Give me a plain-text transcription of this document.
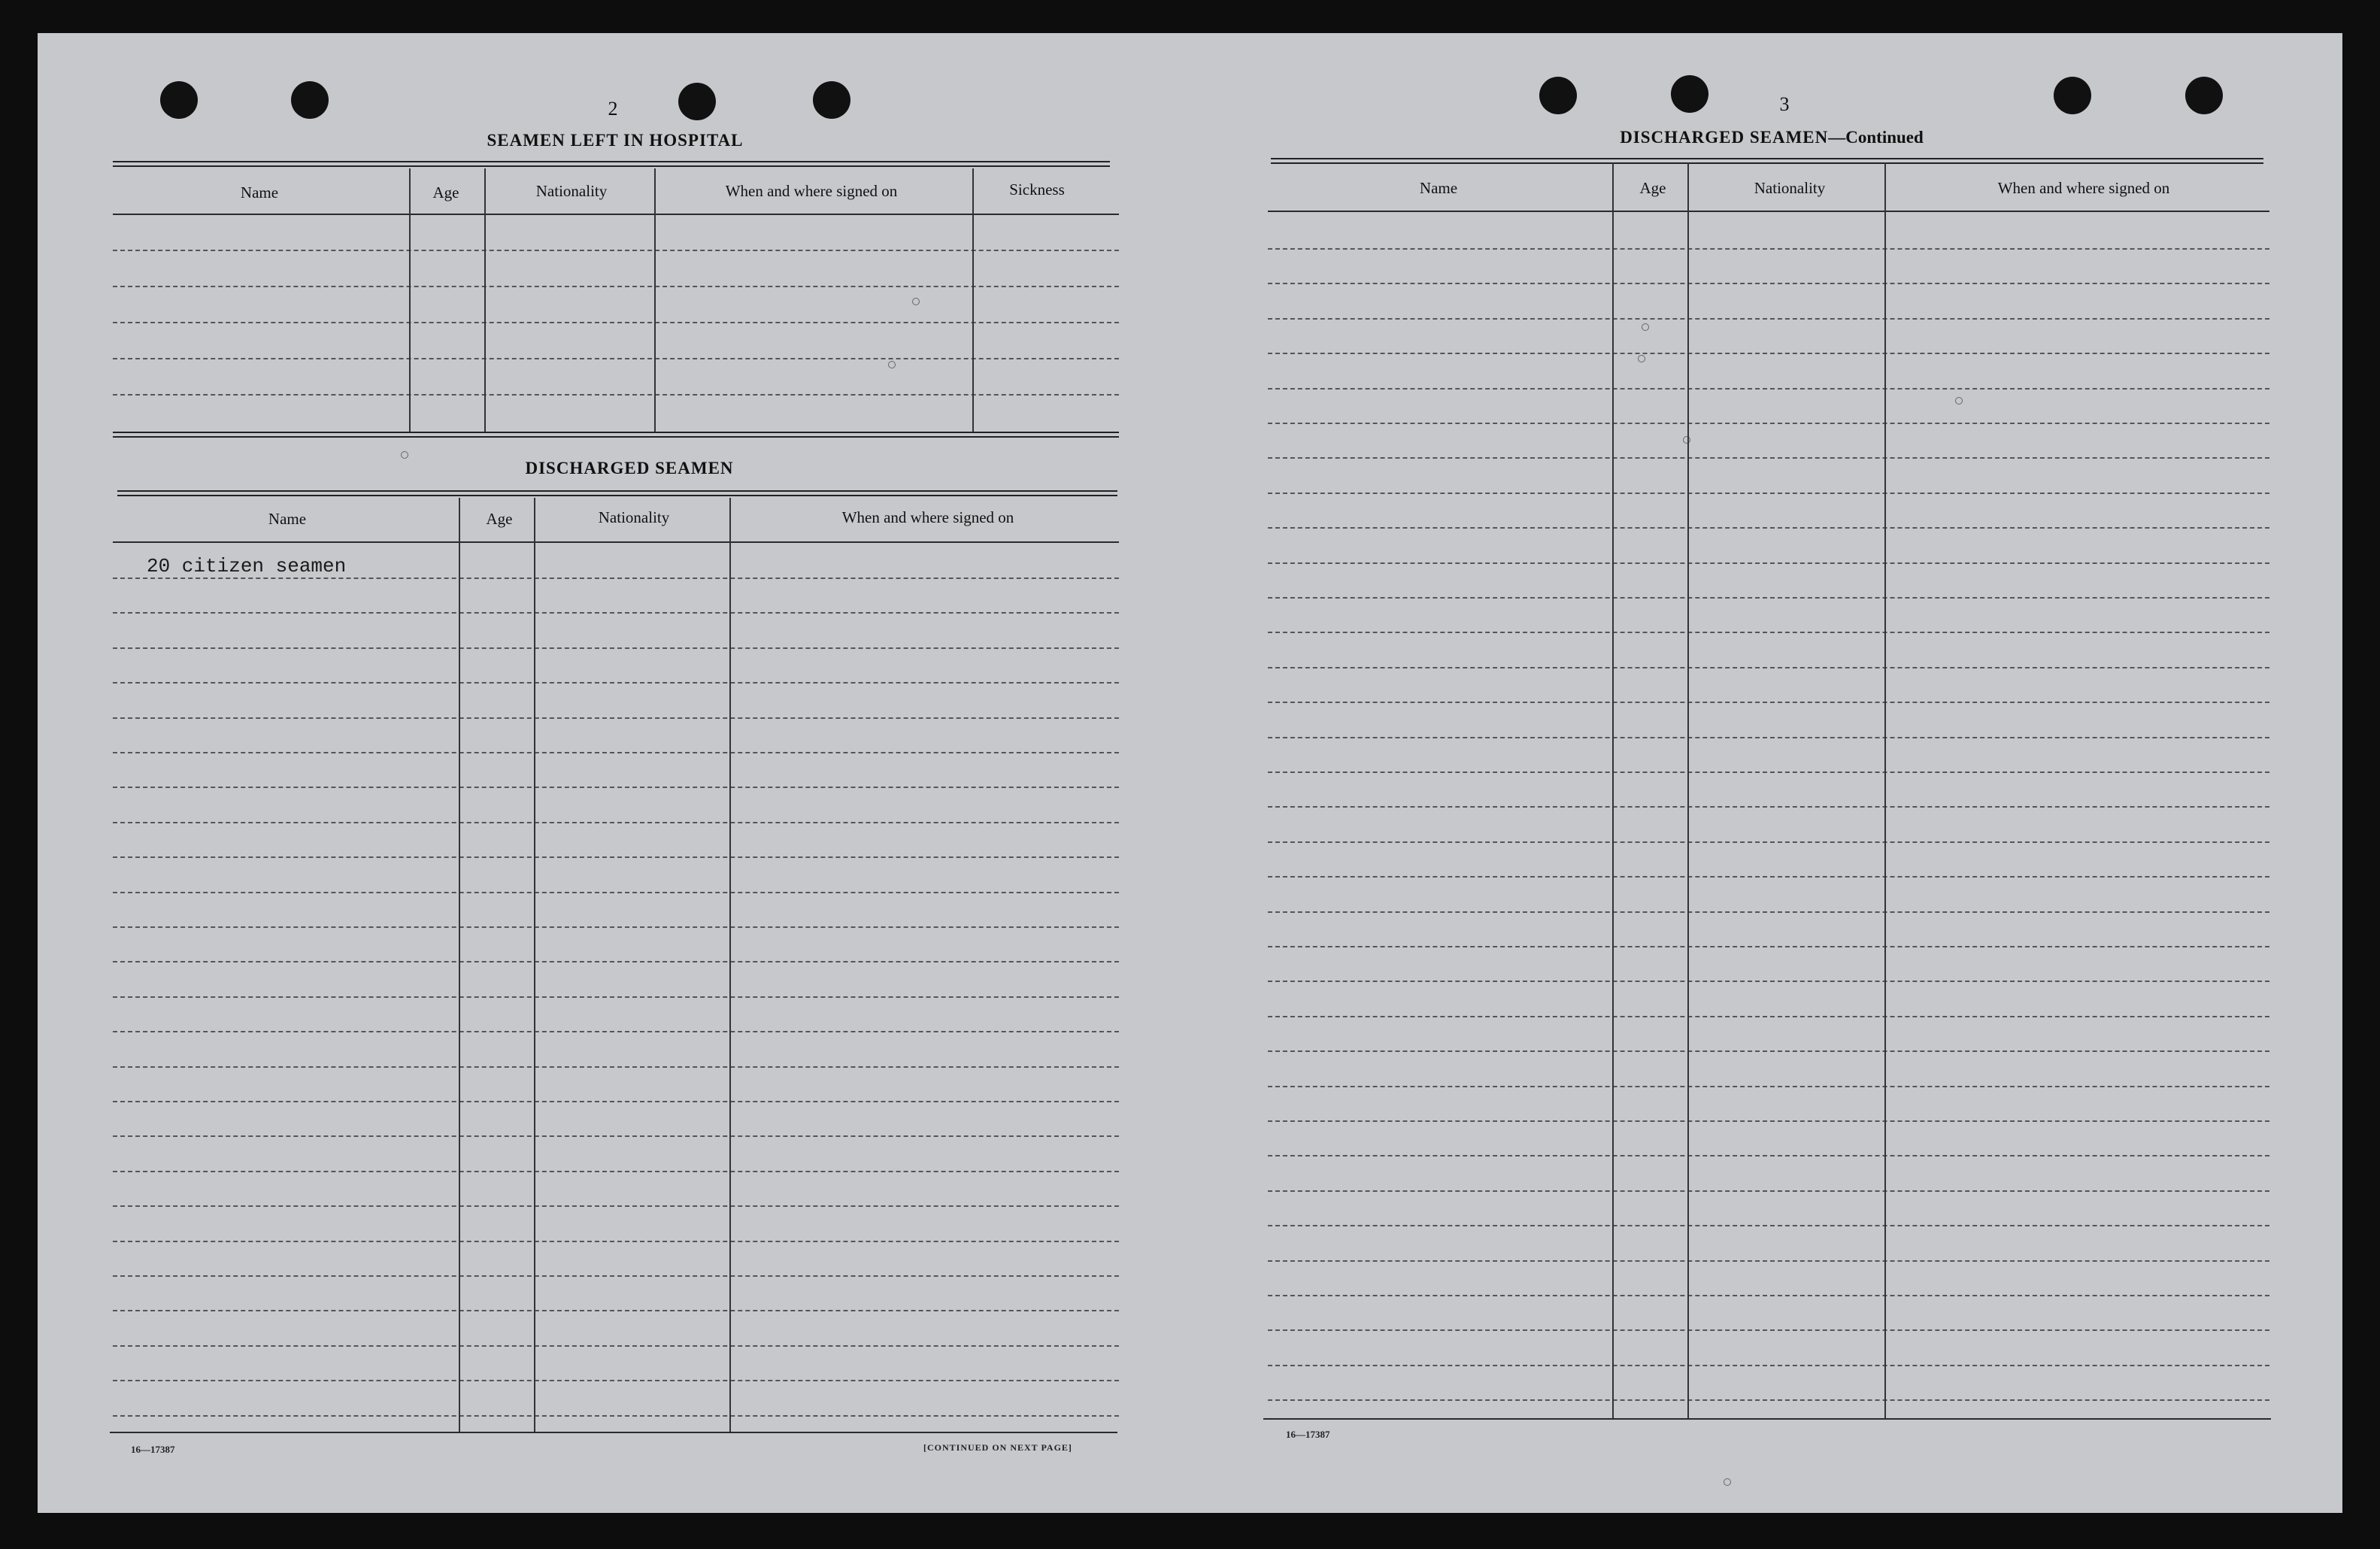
2
SEAMEN LEFT IN HOSPITAL
Name	Age	Nationality	When and where signed on	Sickness
DISCHARGED SEAMEN
Name	Age	Nationality	When and where signed on
20 citizen seamen
16—17387	[CONTINUED ON NEXT PAGE]
3
DISCHARGED SEAMEN—Continued
Name	Age	Nationality	When and where signed on
16—17387
